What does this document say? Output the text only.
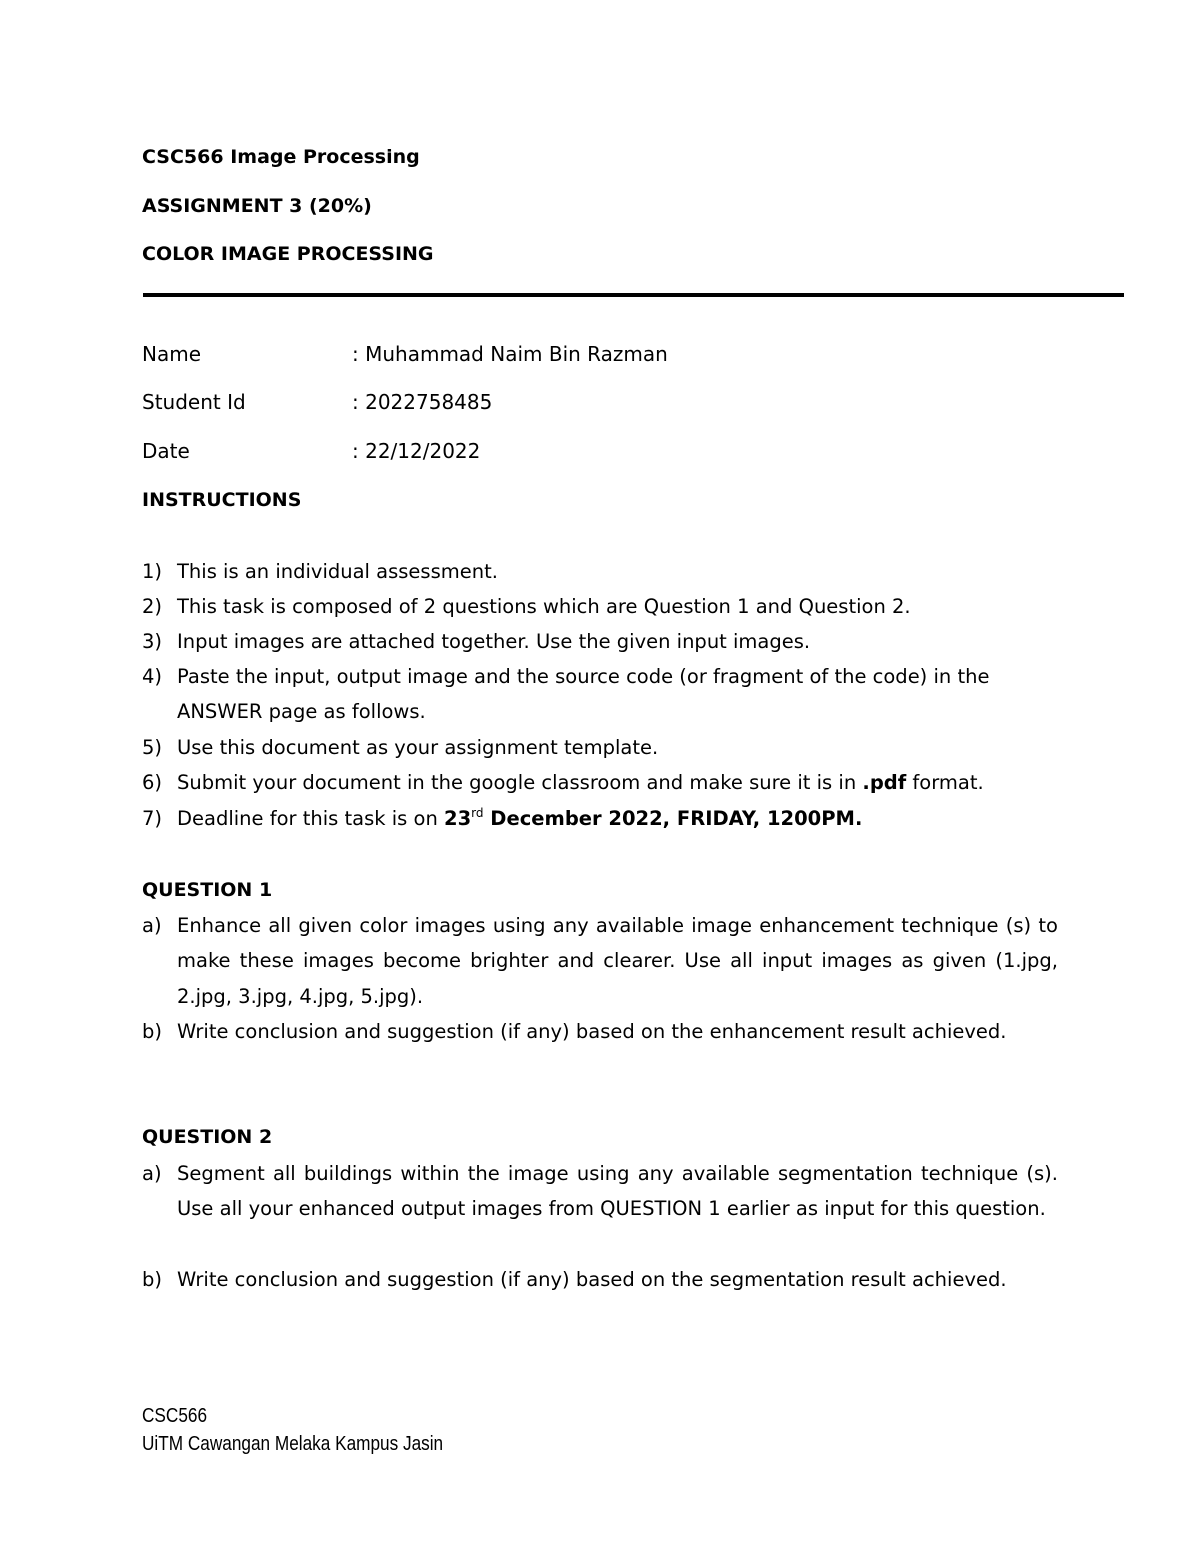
CSC566 Image Processing
ASSIGNMENT 3 (20%)
COLOR IMAGE PROCESSING
Name	: Muhammad Naim Bin Razman
Student Id	: 2022758485
Date	: 22/12/2022
INSTRUCTIONS
1) This is an individual assessment.
2) This task is composed of 2 questions which are Question 1 and Question 2.
3) Input images are attached together. Use the given input images.
4) Paste the input, output image and the source code (or fragment of the code) in the ANSWER page as follows.
5) Use this document as your assignment template.
6) Submit your document in the google classroom and make sure it is in .pdf format.
7) Deadline for this task is on 23rd December 2022, FRIDAY, 1200PM.
QUESTION 1
a) Enhance all given color images using any available image enhancement technique (s) to make these images become brighter and clearer. Use all input images as given (1.jpg, 2.jpg, 3.jpg, 4.jpg, 5.jpg).
b) Write conclusion and suggestion (if any) based on the enhancement result achieved.
QUESTION 2
a) Segment all buildings within the image using any available segmentation technique (s). Use all your enhanced output images from QUESTION 1 earlier as input for this question.
b) Write conclusion and suggestion (if any) based on the segmentation result achieved.
CSC566
UiTM Cawangan Melaka Kampus Jasin
